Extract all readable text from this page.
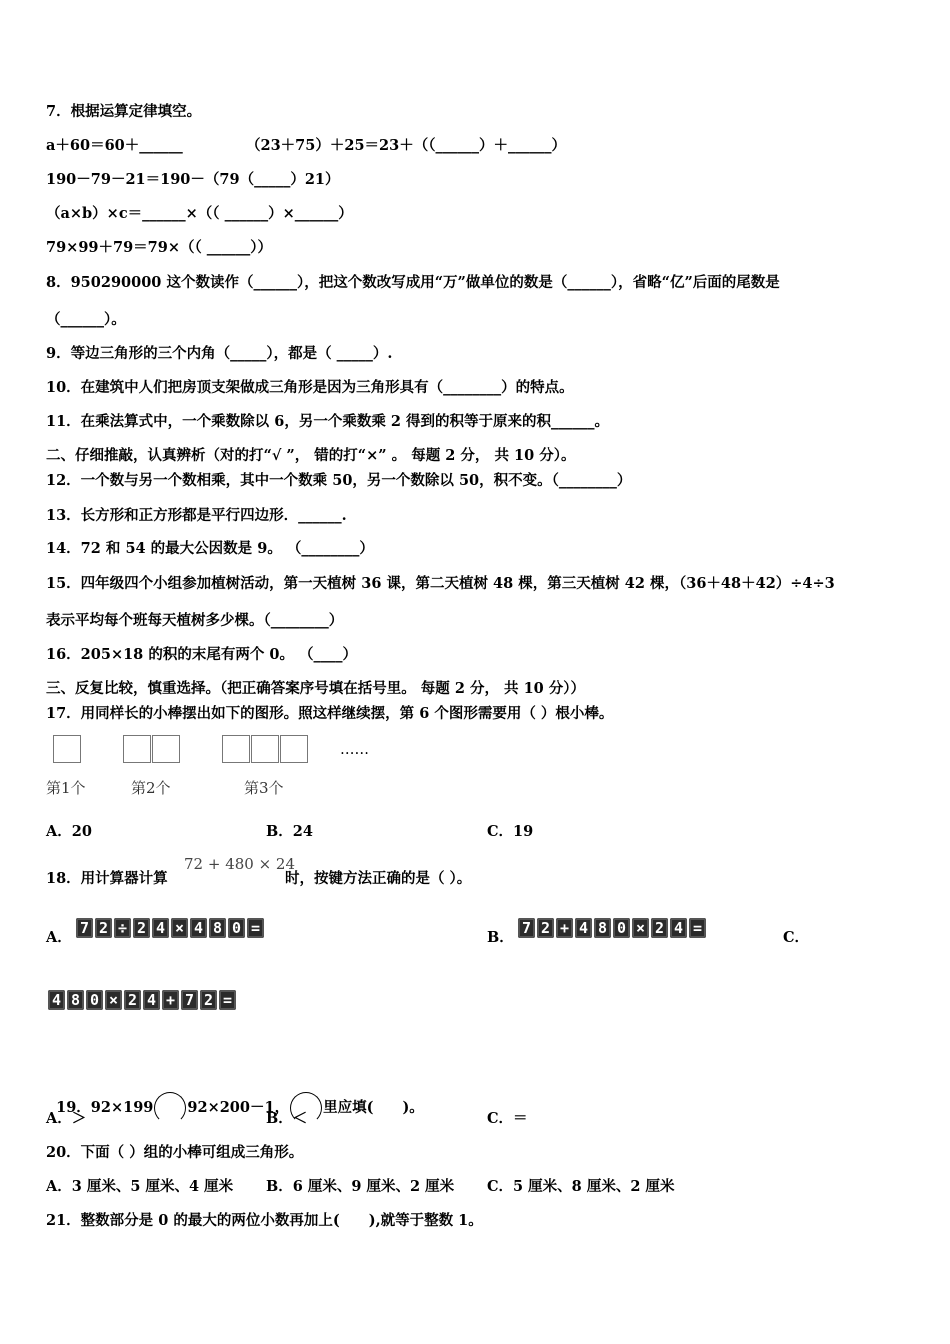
7．根据运算定律填空。
a＋60＝60＋______	（23＋75）＋25＝23＋（（______）＋______）
190－79－21＝190－（79（_____）21）
（a×b）×c＝______×（（ ______）×______）
79×99＋79＝79×（（ ______））
8．950290000 这个数读作（______），把这个数改写成用“万”做单位的数是（______），省略“亿”后面的尾数是
（______）。
9．等边三角形的三个内角（_____），都是（ _____）.
10．在建筑中人们把房顶支架做成三角形是因为三角形具有（________）的特点。
11．在乘法算式中，一个乘数除以 6，另一个乘数乘 2 得到的积等于原来的积______。
二、仔细推敲，认真辨析（对的打“√ ”， 错的打“×” 。 每题 2 分， 共 10 分）。
12．一个数与另一个数相乘，其中一个数乘 50，另一个数除以 50，积不变。（________）
13．长方形和正方形都是平行四边形．______.
14．72 和 54 的最大公因数是 9。 （________）
15．四年级四个小组参加植树活动，第一天植树 36 课，第二天植树 48 棵，第三天植树 42 棵，（36＋48＋42）÷4÷3
表示平均每个班每天植树多少棵。（________）
16．205×18 的积的末尾有两个 0。 （____）
三、反复比较，慎重选择。（把正确答案序号填在括号里。 每题 2 分， 共 10 分））
17．用同样长的小棒摆出如下的图形。照这样继续摆，第 6 个图形需要用（ ）根小棒。
……
第1个	第2个	第3个
A．20	B．24	C．19
18．用计算器计算
72 + 480 × 24
时，按键方法正确的是（ ）。
A．
7 2 ÷ 2 4 × 4 8 0 =
B．
7 2 + 4 8 0 × 2 4 =
C．
4 8 0 × 2 4 + 7 2 =

19．92×199 92×200－1， 里应填(　　)。

A．＞	B．＜	C．＝
20．下面（ ）组的小棒可组成三角形。
A．3 厘米、5 厘米、4 厘米 B．6 厘米、9 厘米、2 厘米 C．5 厘米、8 厘米、2 厘米
21．整数部分是 0 的最大的两位小数再加上(　　),就等于整数 1。
